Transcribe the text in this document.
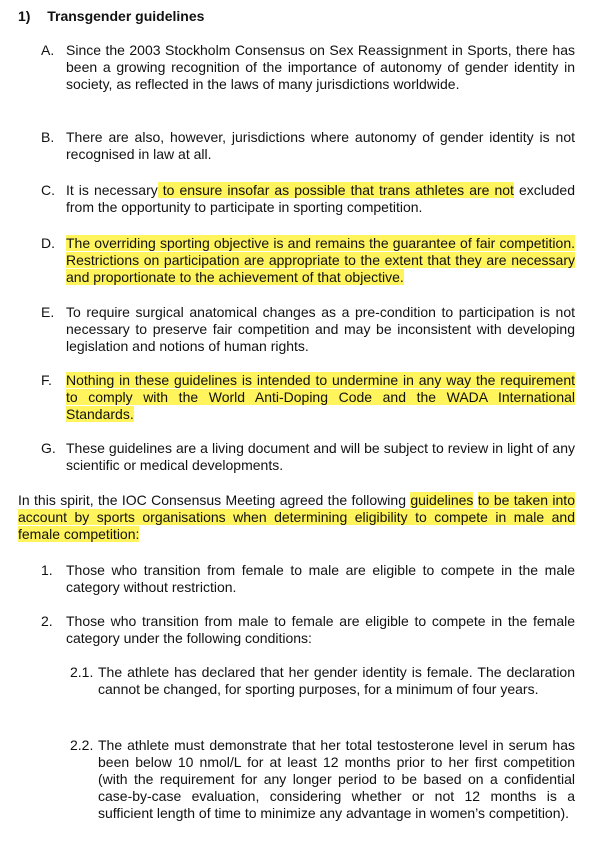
1) Transgender guidelines
A. Since the 2003 Stockholm Consensus on Sex Reassignment in Sports, there has been a growing recognition of the importance of autonomy of gender identity in society, as reflected in the laws of many jurisdictions worldwide.
B. There are also, however, jurisdictions where autonomy of gender identity is not recognised in law at all.
C. It is necessary to ensure insofar as possible that trans athletes are not excluded from the opportunity to participate in sporting competition.
D. The overriding sporting objective is and remains the guarantee of fair competition. Restrictions on participation are appropriate to the extent that they are necessary and proportionate to the achievement of that objective.
E. To require surgical anatomical changes as a pre-condition to participation is not necessary to preserve fair competition and may be inconsistent with developing legislation and notions of human rights.
F.	Nothing in these guidelines is intended to undermine in any way the requirement to comply with the World Anti-Doping Code and the WADA International Standards.
G. These guidelines are a living document and will be subject to review in light of any scientific or medical developments.
In this spirit, the IOC Consensus Meeting agreed the following guidelines to be taken into account by sports organisations when determining eligibility to compete in male and female competition:
1. Those who transition from female to male are eligible to compete in the male category without restriction.
2. Those who transition from male to female are eligible to compete in the female category under the following conditions:
2.1. The athlete has declared that her gender identity is female. The declaration cannot be changed, for sporting purposes, for a minimum of four years.
2.2. The athlete must demonstrate that her total testosterone level in serum has been below 10 nmol/L for at least 12 months prior to her first competition (with the requirement for any longer period to be based on a confidential case-by-case evaluation, considering whether or not 12 months is a sufficient length of time to minimize any advantage in women’s competition).
